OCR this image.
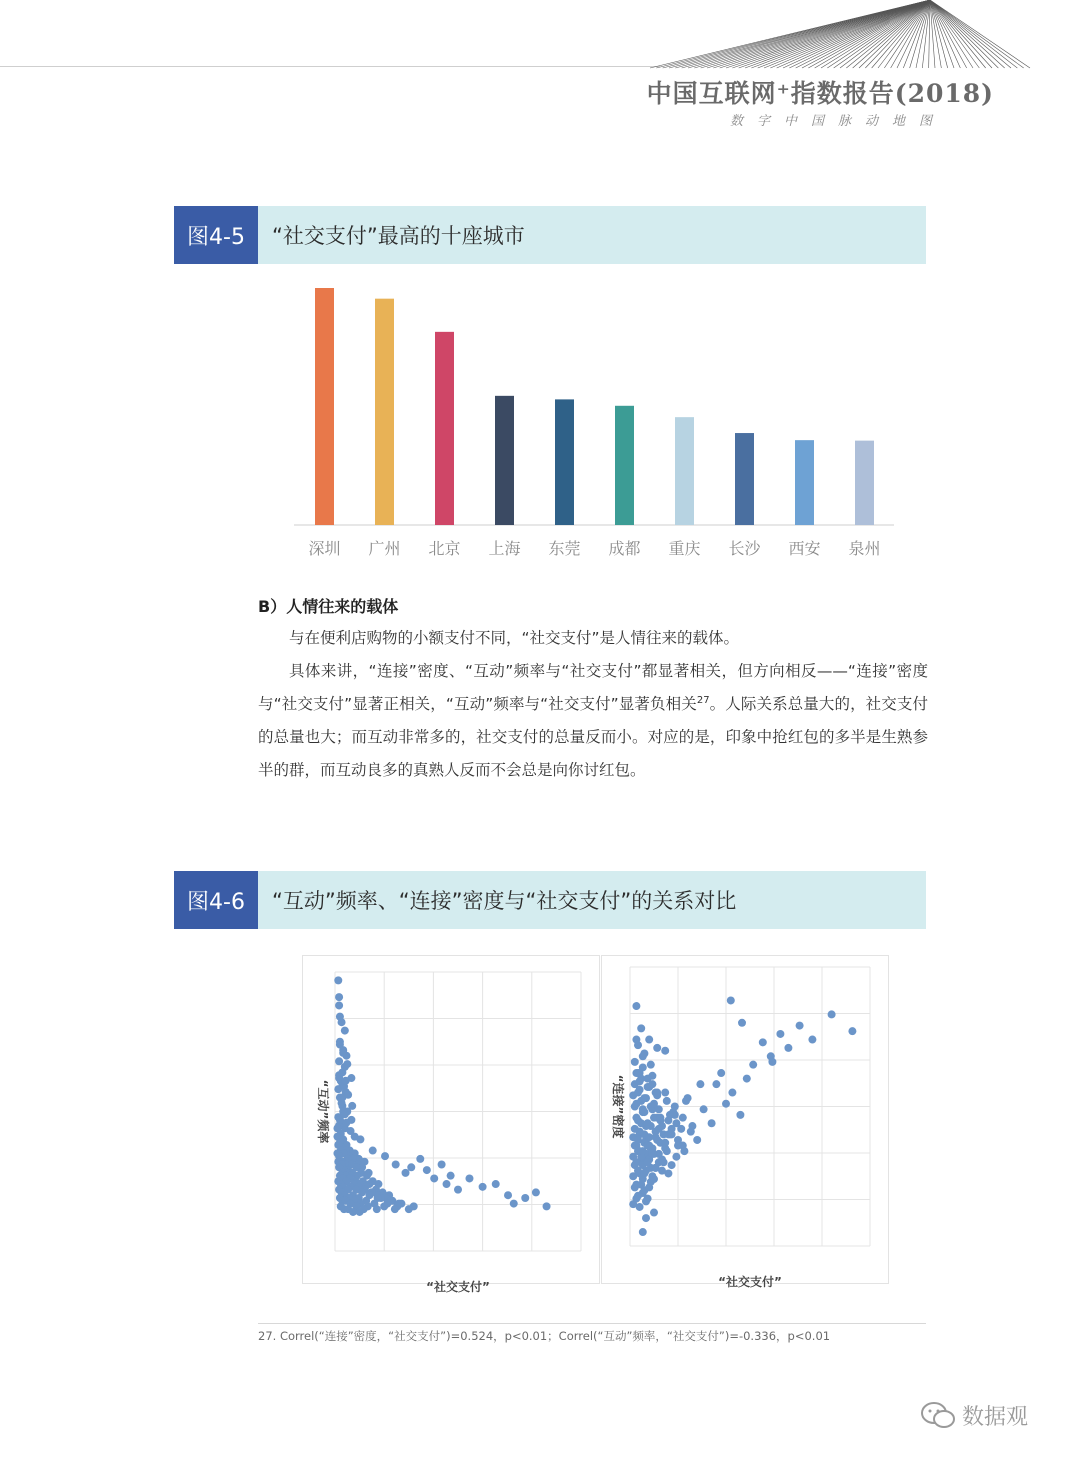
中国互联网⁺指数报告(2018)
数字中国脉动地图
图4-5	“社交支付”最高的十座城市
深圳 广州 北京 上海 东莞 成都 重庆 长沙 西安 泉州
B）人情往来的载体

与在便利店购物的小额支付不同，“社交支付”是人情往来的载体。

具体来讲，“连接”密度、“互动”频率与“社交支付”都显著相关，但方向相反——“连接”密度与“社交支付”显著正相关，“互动”频率与“社交支付”显著负相关$^{27}$。人际关系总量大的，社交支付的总量也大；而互动非常多的，社交支付的总量反而小。对应的是，印象中抢红包的多半是生熟参半的群，而互动良多的真熟人反而不会总是向你讨红包。

图4-6	“互动”频率、“连接”密度与“社交支付”的关系对比
“社交支付”
“互动”频率
“社交支付”
“连接”密度
27. Correl(“连接”密度，“社交支付”)=0.524，p<0.01；Correl(“互动”频率，“社交支付”)=-0.336，p<0.01
数据观
